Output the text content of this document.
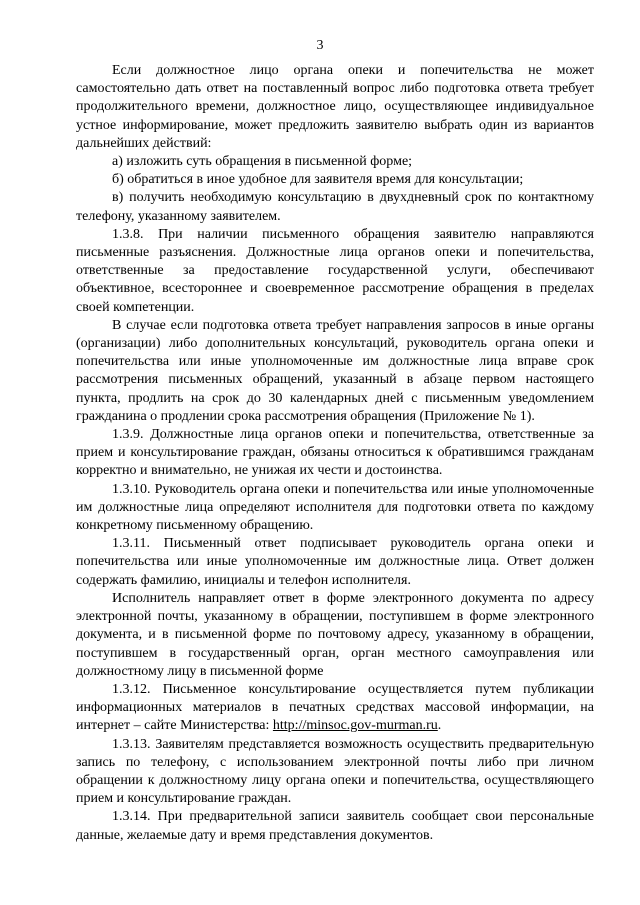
3

Если должностное лицо органа опеки и попечительства не может самостоятельно дать ответ на поставленный вопрос либо подготовка ответа требует продолжительного времени, должностное лицо, осуществляющее индивидуальное устное информирование, может предложить заявителю выбрать один из вариантов дальнейших действий:

а) изложить суть обращения в письменной форме;

б) обратиться в иное удобное для заявителя время для консультации;

в) получить необходимую консультацию в двухдневный срок по контактному телефону, указанному заявителем.

1.3.8. При наличии письменного обращения заявителю направляются письменные разъяснения. Должностные лица органов опеки и попечительства, ответственные за предоставление государственной услуги, обеспечивают объективное, всестороннее и своевременное рассмотрение обращения в пределах своей компетенции.

В случае если подготовка ответа требует направления запросов в иные органы (организации) либо дополнительных консультаций, руководитель органа опеки и попечительства или иные уполномоченные им должностные лица вправе срок рассмотрения письменных обращений, указанный в абзаце первом настоящего пункта, продлить на срок до 30 календарных дней с письменным уведомлением гражданина о продлении срока рассмотрения обращения (Приложение № 1).

1.3.9. Должностные лица органов опеки и попечительства, ответственные за прием и консультирование граждан, обязаны относиться к обратившимся гражданам корректно и внимательно, не унижая их чести и достоинства.

1.3.10. Руководитель органа опеки и попечительства или иные уполномоченные им должностные лица определяют исполнителя для подготовки ответа по каждому конкретному письменному обращению.

1.3.11. Письменный ответ подписывает руководитель органа опеки и попечительства или иные уполномоченные им должностные лица. Ответ должен содержать фамилию, инициалы и телефон исполнителя.

Исполнитель направляет ответ в форме электронного документа по адресу электронной почты, указанному в обращении, поступившем в форме электронного документа, и в письменной форме по почтовому адресу, указанному в обращении, поступившем в государственный орган, орган местного самоуправления или должностному лицу в письменной форме

1.3.12. Письменное консультирование осуществляется путем публикации информационных материалов в печатных средствах массовой информации, на интернет – сайте Министерства: http://minsoc.gov-murman.ru.

1.3.13. Заявителям представляется возможность осуществить предварительную запись по телефону, с использованием электронной почты либо при личном обращении к должностному лицу органа опеки и попечительства, осуществляющего прием и консультирование граждан.

1.3.14. При предварительной записи заявитель сообщает свои персональные данные, желаемые дату и время представления документов.
